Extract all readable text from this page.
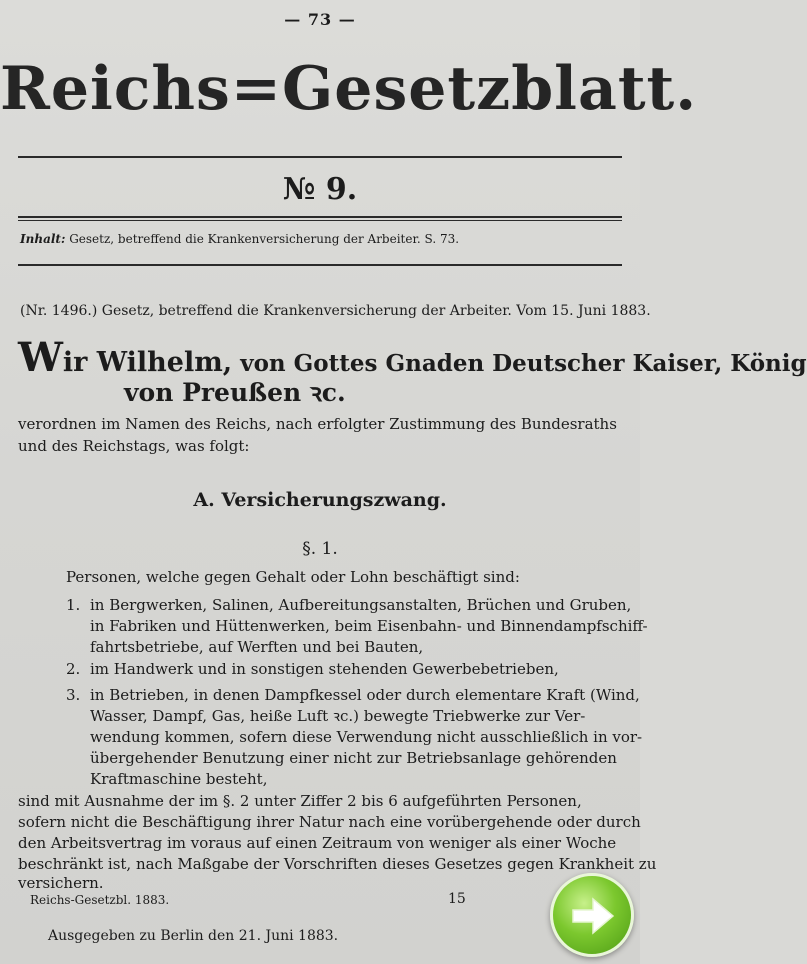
— 73 —
Reichs=Gesetzblatt.
№ 9.
Inhalt: Gesetz, betreffend die Krankenversicherung der Arbeiter. S. 73.
(Nr. 1496.) Gesetz, betreffend die Krankenversicherung der Arbeiter. Vom 15. Juni 1883.
Wir Wilhelm, von Gottes Gnaden Deutscher Kaiser, König
von Preußen ꝛc.
verordnen im Namen des Reichs, nach erfolgter Zustimmung des Bundesraths
und des Reichstags, was folgt:
A. Versicherungszwang.
§. 1.
Personen, welche gegen Gehalt oder Lohn beschäftigt sind:
1. in Bergwerken, Salinen, Aufbereitungsanstalten, Brüchen und Gruben,
in Fabriken und Hüttenwerken, beim Eisenbahn- und Binnendampfschiff-
fahrtsbetriebe, auf Werften und bei Bauten,
2. im Handwerk und in sonstigen stehenden Gewerbebetrieben,
3. in Betrieben, in denen Dampfkessel oder durch elementare Kraft (Wind,
Wasser, Dampf, Gas, heiße Luft ꝛc.) bewegte Triebwerke zur Ver-
wendung kommen, sofern diese Verwendung nicht ausschließlich in vor-
übergehender Benutzung einer nicht zur Betriebsanlage gehörenden
Kraftmaschine besteht,
sind mit Ausnahme der im §. 2 unter Ziffer 2 bis 6 aufgeführten Personen,
sofern nicht die Beschäftigung ihrer Natur nach eine vorübergehende oder durch
den Arbeitsvertrag im voraus auf einen Zeitraum von weniger als einer Woche
beschränkt ist, nach Maßgabe der Vorschriften dieses Gesetzes gegen Krankheit zu
versichern.
Reichs-Gesetzbl. 1883.	15
Ausgegeben zu Berlin den 21. Juni 1883.
